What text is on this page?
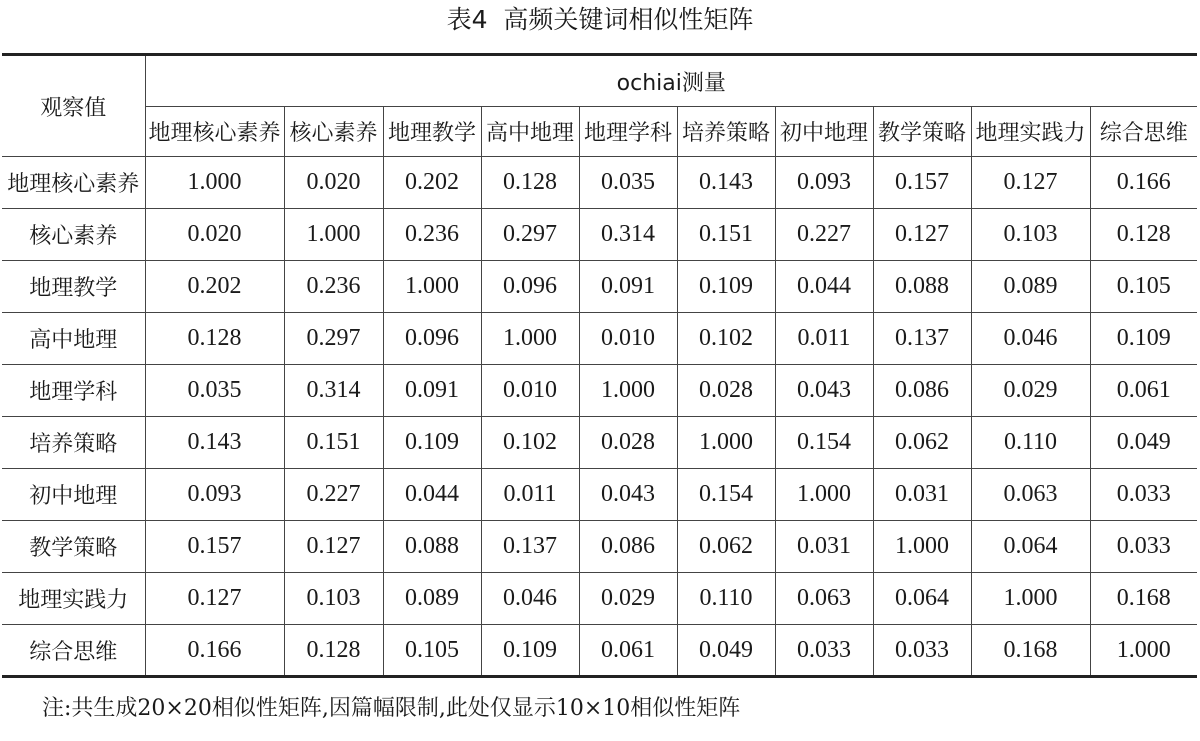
表4  高频关键词相似性矩阵
观察值	ochiai测量									
	地理核心素养	核心素养	地理教学	高中地理	地理学科	培养策略	初中地理	教学策略	地理实践力	综合思维
地理核心素养	1.000	0.020	0.202	0.128	0.035	0.143	0.093	0.157	0.127	0.166
核心素养	0.020	1.000	0.236	0.297	0.314	0.151	0.227	0.127	0.103	0.128
地理教学	0.202	0.236	1.000	0.096	0.091	0.109	0.044	0.088	0.089	0.105
高中地理	0.128	0.297	0.096	1.000	0.010	0.102	0.011	0.137	0.046	0.109
地理学科	0.035	0.314	0.091	0.010	1.000	0.028	0.043	0.086	0.029	0.061
培养策略	0.143	0.151	0.109	0.102	0.028	1.000	0.154	0.062	0.110	0.049
初中地理	0.093	0.227	0.044	0.011	0.043	0.154	1.000	0.031	0.063	0.033
教学策略	0.157	0.127	0.088	0.137	0.086	0.062	0.031	1.000	0.064	0.033
地理实践力	0.127	0.103	0.089	0.046	0.029	0.110	0.063	0.064	1.000	0.168
综合思维	0.166	0.128	0.105	0.109	0.061	0.049	0.033	0.033	0.168	1.000
注:共生成20×20相似性矩阵,因篇幅限制,此处仅显示10×10相似性矩阵
